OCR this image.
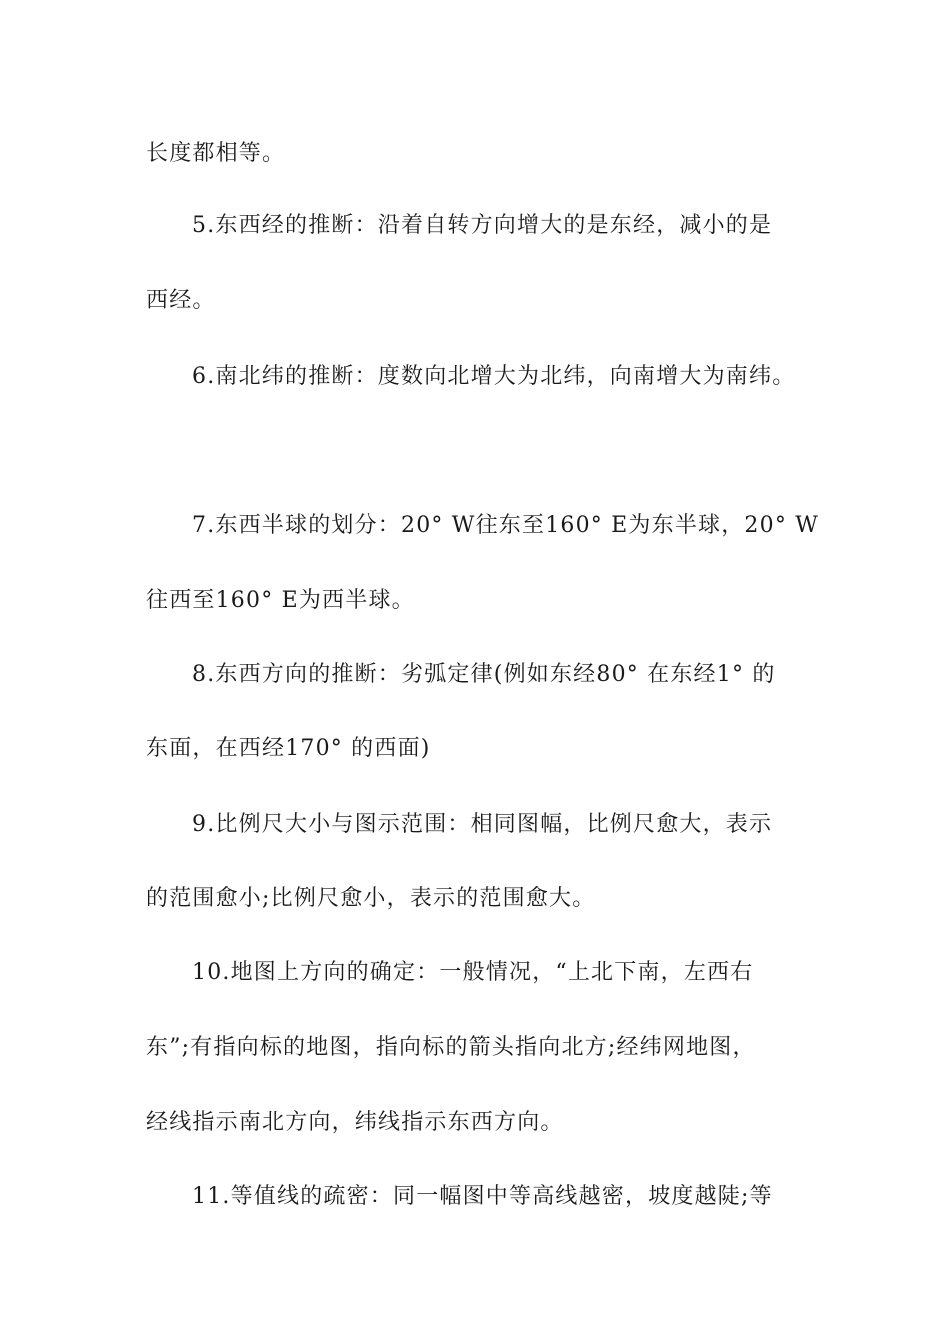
长度都相等。
5.东西经的推断：沿着自转方向增大的是东经，减小的是
西经。
6.南北纬的推断：度数向北增大为北纬，向南增大为南纬。
7.东西半球的划分：20° W往东至160° E为东半球，20° W
往西至160° E为西半球。
8.东西方向的推断：劣弧定律(例如东经80° 在东经1° 的
东面，在西经170° 的西面)
9.比例尺大小与图示范围：相同图幅，比例尺愈大，表示
的范围愈小;比例尺愈小，表示的范围愈大。
10.地图上方向的确定：一般情况，“上北下南，左西右
东”;有指向标的地图，指向标的箭头指向北方;经纬网地图，
经线指示南北方向，纬线指示东西方向。
11.等值线的疏密：同一幅图中等高线越密，坡度越陡;等
